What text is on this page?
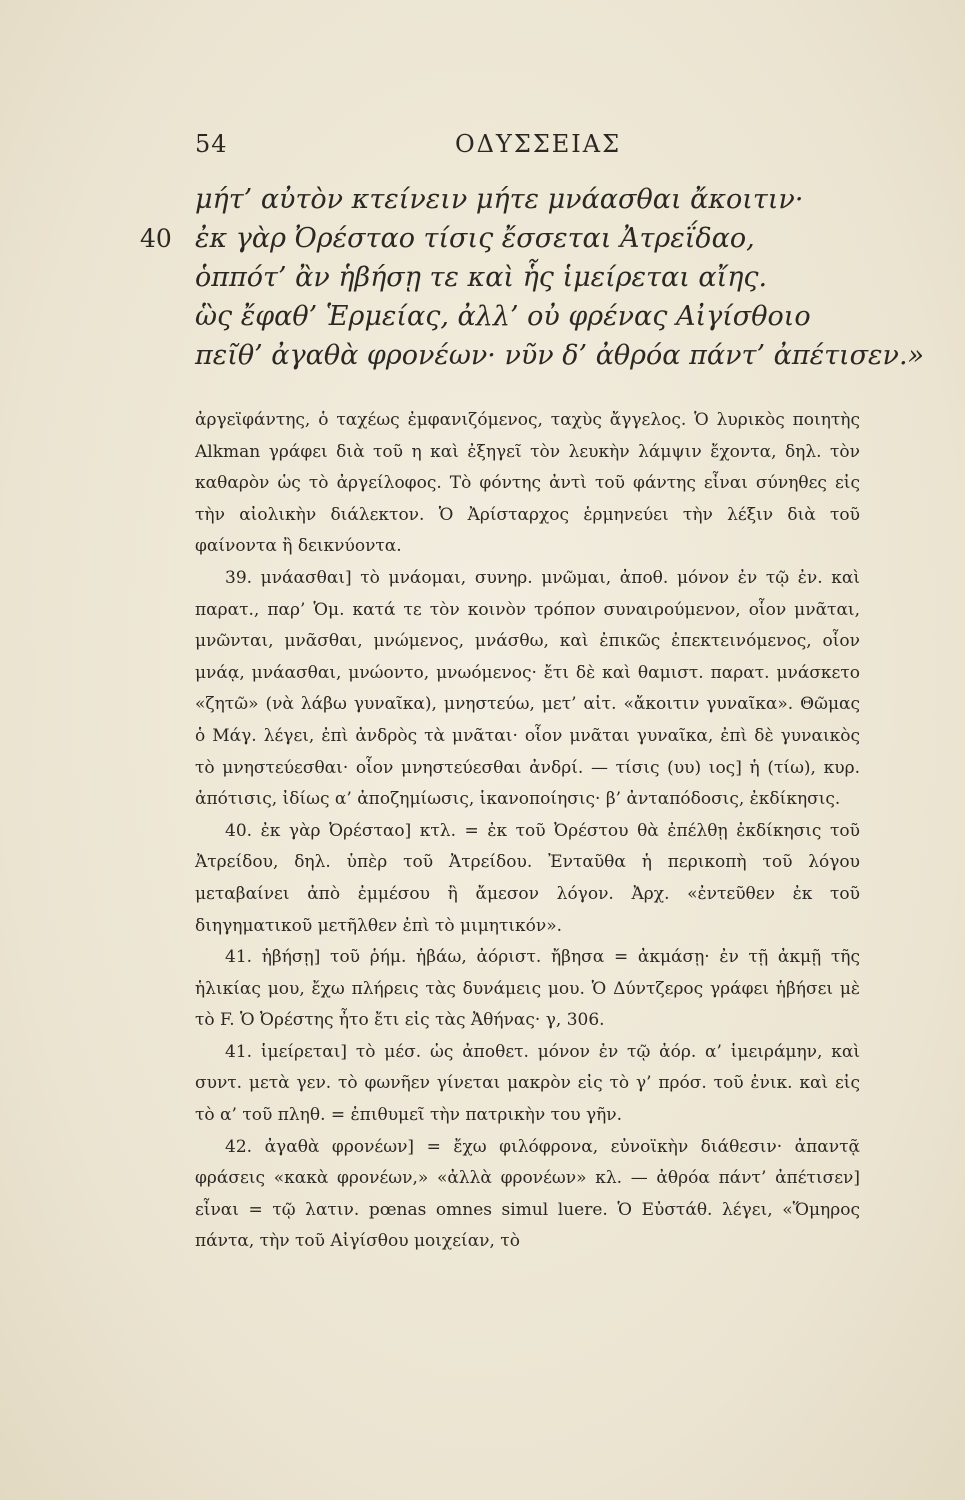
54	ΟΔΥΣΣΕΙΑΣ
μήτ’ αὐτὸν κτείνειν μήτε μνάασθαι ἄκοιτιν·
40 ἐκ γὰρ Ὀρέσταο τίσις ἔσσεται Ἀτρεΐδαο,
ὁππότ’ ἂν ἡβήσῃ τε καὶ ἧς ἱμείρεται αἴης.
ὣς ἔφαθ’ Ἑρμείας, ἀλλ’ οὐ φρένας Αἰγίσθοιο
πεῖθ’ ἀγαθὰ φρονέων· νῦν δ’ ἀθρόα πάντ’ ἀπέτισεν.»

ἀργεϊφάντης, ὁ ταχέως ἐμφανιζόμενος, ταχὺς ἄγγελος. Ὁ λυρικὸς ποιητὴς Alkman γράφει διὰ τοῦ η καὶ ἐξηγεῖ τὸν λευκὴν λάμψιν ἔχοντα, δηλ. τὸν καθαρὸν ὡς τὸ ἀργείλοφος. Τὸ φόντης ἀντὶ τοῦ φάντης εἶναι σύνηθες εἰς τὴν αἰολικὴν διάλεκτον. Ὁ Ἀρίσταρχος ἑρμηνεύει τὴν λέξιν διὰ τοῦ φαίνοντα ἢ δεικνύοντα.

39. μνάασθαι] τὸ μνάομαι, συνηρ. μνῶμαι, ἀποθ. μόνον ἐν τῷ ἐν. καὶ παρατ., παρ’ Ὁμ. κατά τε τὸν κοινὸν τρόπον συναιρούμενον, οἷον μνᾶται, μνῶνται, μνᾶσθαι, μνώμενος, μνάσθω, καὶ ἐπικῶς ἐπεκτεινόμενος, οἷον μνάᾳ, μνάασθαι, μνώοντο, μνωόμενος· ἔτι δὲ καὶ θαμιστ. παρατ. μνάσκετο «ζητῶ» (νὰ λάβω γυναῖκα), μνηστεύω, μετ’ αἰτ. «ἄκοιτιν γυναῖκα». Θῶμας ὁ Μάγ. λέγει, ἐπὶ ἀνδρὸς τὰ μνᾶται· οἷον μνᾶται γυναῖκα, ἐπὶ δὲ γυναικὸς τὸ μνηστεύεσθαι· οἷον μνηστεύεσθαι ἀνδρί. — τίσις (υυ) ιος] ἡ (τίω), κυρ. ἀπότισις, ἰδίως α’ ἀποζημίωσις, ἱκανοποίησις· β’ ἀνταπόδοσις, ἐκδίκησις.

40. ἐκ γὰρ Ὀρέσταο] κτλ. = ἐκ τοῦ Ὀρέστου θὰ ἐπέλθῃ ἐκδίκησις τοῦ Ἀτρείδου, δηλ. ὑπὲρ τοῦ Ἀτρείδου. Ἐνταῦθα ἡ περικοπὴ τοῦ λόγου μεταβαίνει ἀπὸ ἐμμέσου ἢ ἄμεσον λόγον. Ἀρχ. «ἐντεῦθεν ἐκ τοῦ διηγηματικοῦ μετῆλθεν ἐπὶ τὸ μιμητικόν».

41. ἡβήσῃ] τοῦ ῥήμ. ἡβάω, ἀόριστ. ἤβησα = ἀκμάσῃ· ἐν τῇ ἀκμῇ τῆς ἡλικίας μου, ἔχω πλήρεις τὰς δυνάμεις μου. Ὁ Δύντζερος γράφει ἡβήσει μὲ τὸ F. Ὁ Ὀρέστης ἦτο ἔτι εἰς τὰς Ἀθήνας· γ, 306.

41. ἱμείρεται] τὸ μέσ. ὡς ἀποθετ. μόνον ἐν τῷ ἀόρ. α’ ἱμειράμην, καὶ συντ. μετὰ γεν. τὸ φωνῆεν γίνεται μακρὸν εἰς τὸ γ’ πρόσ. τοῦ ἐνικ. καὶ εἰς τὸ α’ τοῦ πληθ. = ἐπιθυμεῖ τὴν πατρικὴν του γῆν.

42. ἀγαθὰ φρονέων] = ἔχω φιλόφρονα, εὐνοϊκὴν διάθεσιν· ἀπαντᾷ φράσεις «κακὰ φρονέων,» «ἀλλὰ φρονέων» κλ. — ἀθρόα πάντ’ ἀπέτισεν] εἶναι = τῷ λατιν. pœnas omnes simul luere. Ὁ Εὐστάθ. λέγει, «Ὅμηρος πάντα, τὴν τοῦ Αἰγίσθου μοιχείαν, τὸ
